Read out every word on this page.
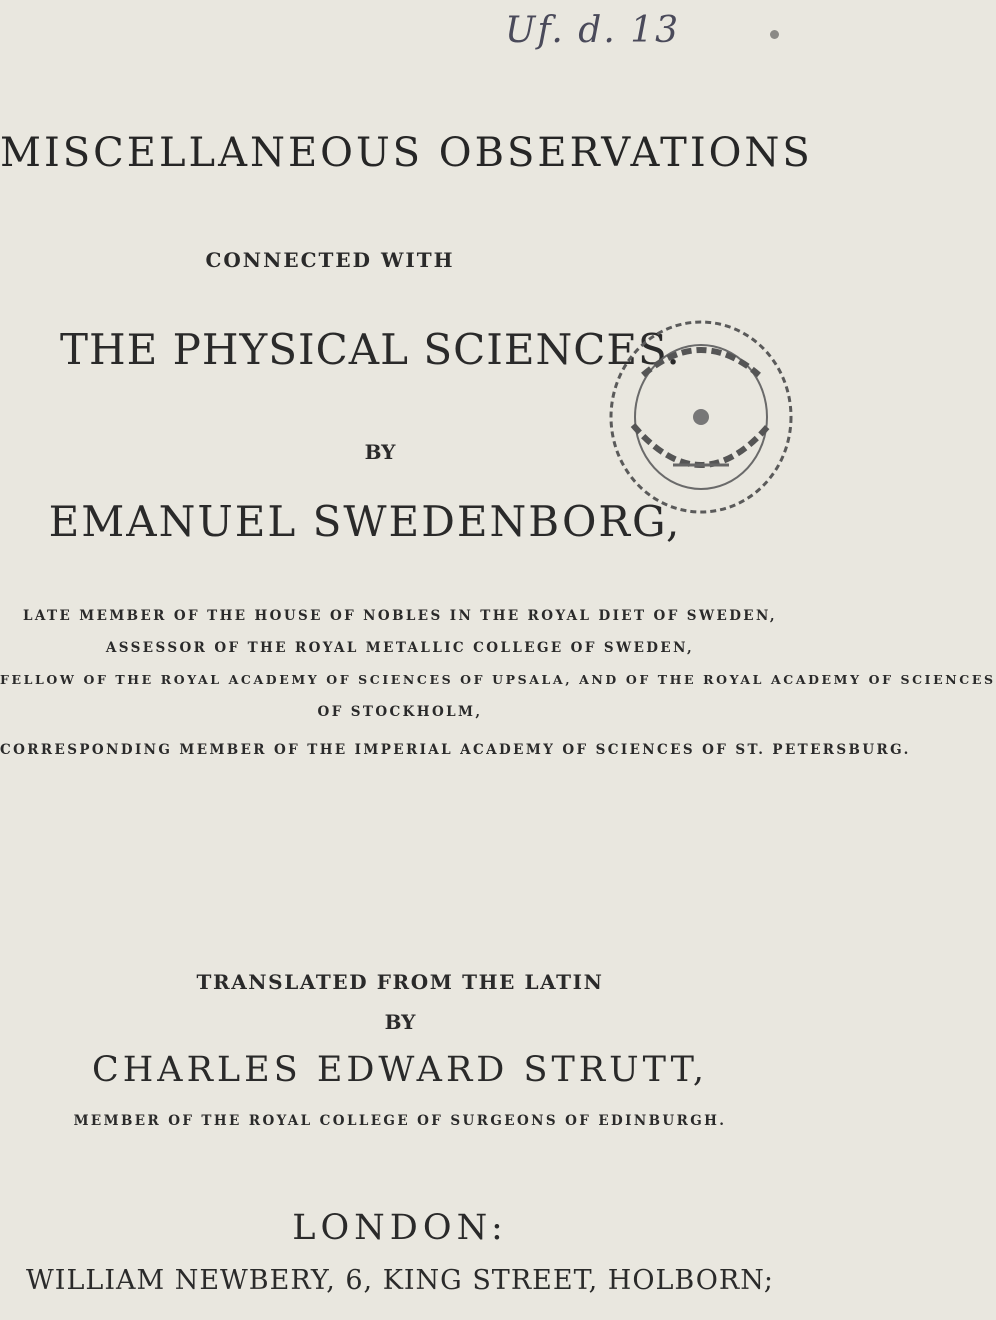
Uf. d. 13
MISCELLANEOUS OBSERVATIONS
CONNECTED WITH
THE PHYSICAL SCIENCES.
BY
EMANUEL SWEDENBORG,
LATE MEMBER OF THE HOUSE OF NOBLES IN THE ROYAL DIET OF SWEDEN,
ASSESSOR OF THE ROYAL METALLIC COLLEGE OF SWEDEN,
FELLOW OF THE ROYAL ACADEMY OF SCIENCES OF UPSALA, AND OF THE ROYAL ACADEMY OF SCIENCES
OF STOCKHOLM,
CORRESPONDING MEMBER OF THE IMPERIAL ACADEMY OF SCIENCES OF ST. PETERSBURG.
TRANSLATED FROM THE LATIN
BY
CHARLES EDWARD STRUTT,
MEMBER OF THE ROYAL COLLEGE OF SURGEONS OF EDINBURGH.
LONDON:
WILLIAM NEWBERY, 6, KING STREET, HOLBORN;
